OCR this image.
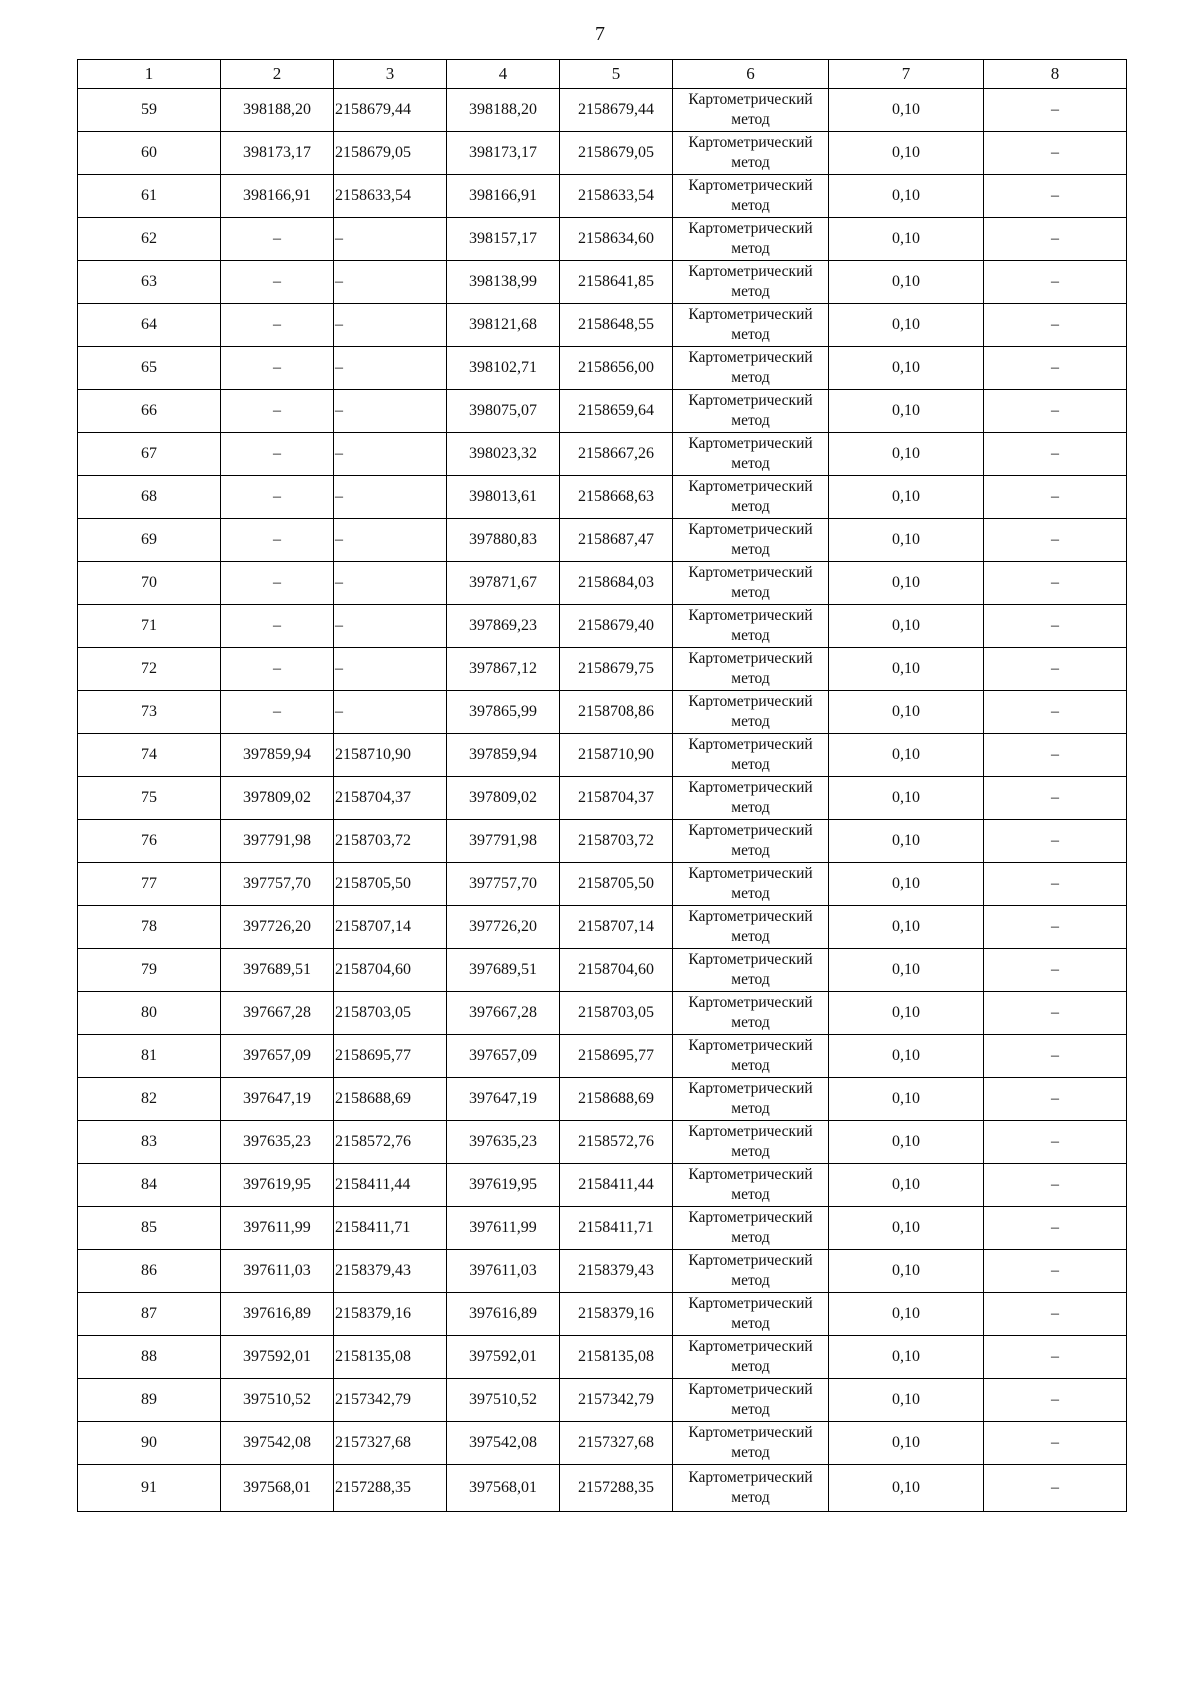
7
1	2	3	4	5	6	7	8
59	398188,20	2158679,44	398188,20	2158679,44	Картометрический
метод	0,10	–
60	398173,17	2158679,05	398173,17	2158679,05	Картометрический
метод	0,10	–
61	398166,91	2158633,54	398166,91	2158633,54	Картометрический
метод	0,10	–
62	–	–	398157,17	2158634,60	Картометрический
метод	0,10	–
63	–	–	398138,99	2158641,85	Картометрический
метод	0,10	–
64	–	–	398121,68	2158648,55	Картометрический
метод	0,10	–
65	–	–	398102,71	2158656,00	Картометрический
метод	0,10	–
66	–	–	398075,07	2158659,64	Картометрический
метод	0,10	–
67	–	–	398023,32	2158667,26	Картометрический
метод	0,10	–
68	–	–	398013,61	2158668,63	Картометрический
метод	0,10	–
69	–	–	397880,83	2158687,47	Картометрический
метод	0,10	–
70	–	–	397871,67	2158684,03	Картометрический
метод	0,10	–
71	–	–	397869,23	2158679,40	Картометрический
метод	0,10	–
72	–	–	397867,12	2158679,75	Картометрический
метод	0,10	–
73	–	–	397865,99	2158708,86	Картометрический
метод	0,10	–
74	397859,94	2158710,90	397859,94	2158710,90	Картометрический
метод	0,10	–
75	397809,02	2158704,37	397809,02	2158704,37	Картометрический
метод	0,10	–
76	397791,98	2158703,72	397791,98	2158703,72	Картометрический
метод	0,10	–
77	397757,70	2158705,50	397757,70	2158705,50	Картометрический
метод	0,10	–
78	397726,20	2158707,14	397726,20	2158707,14	Картометрический
метод	0,10	–
79	397689,51	2158704,60	397689,51	2158704,60	Картометрический
метод	0,10	–
80	397667,28	2158703,05	397667,28	2158703,05	Картометрический
метод	0,10	–
81	397657,09	2158695,77	397657,09	2158695,77	Картометрический
метод	0,10	–
82	397647,19	2158688,69	397647,19	2158688,69	Картометрический
метод	0,10	–
83	397635,23	2158572,76	397635,23	2158572,76	Картометрический
метод	0,10	–
84	397619,95	2158411,44	397619,95	2158411,44	Картометрический
метод	0,10	–
85	397611,99	2158411,71	397611,99	2158411,71	Картометрический
метод	0,10	–
86	397611,03	2158379,43	397611,03	2158379,43	Картометрический
метод	0,10	–
87	397616,89	2158379,16	397616,89	2158379,16	Картометрический
метод	0,10	–
88	397592,01	2158135,08	397592,01	2158135,08	Картометрический
метод	0,10	–
89	397510,52	2157342,79	397510,52	2157342,79	Картометрический
метод	0,10	–
90	397542,08	2157327,68	397542,08	2157327,68	Картометрический
метод	0,10	–
91	397568,01	2157288,35	397568,01	2157288,35	Картометрический
метод	0,10	–
